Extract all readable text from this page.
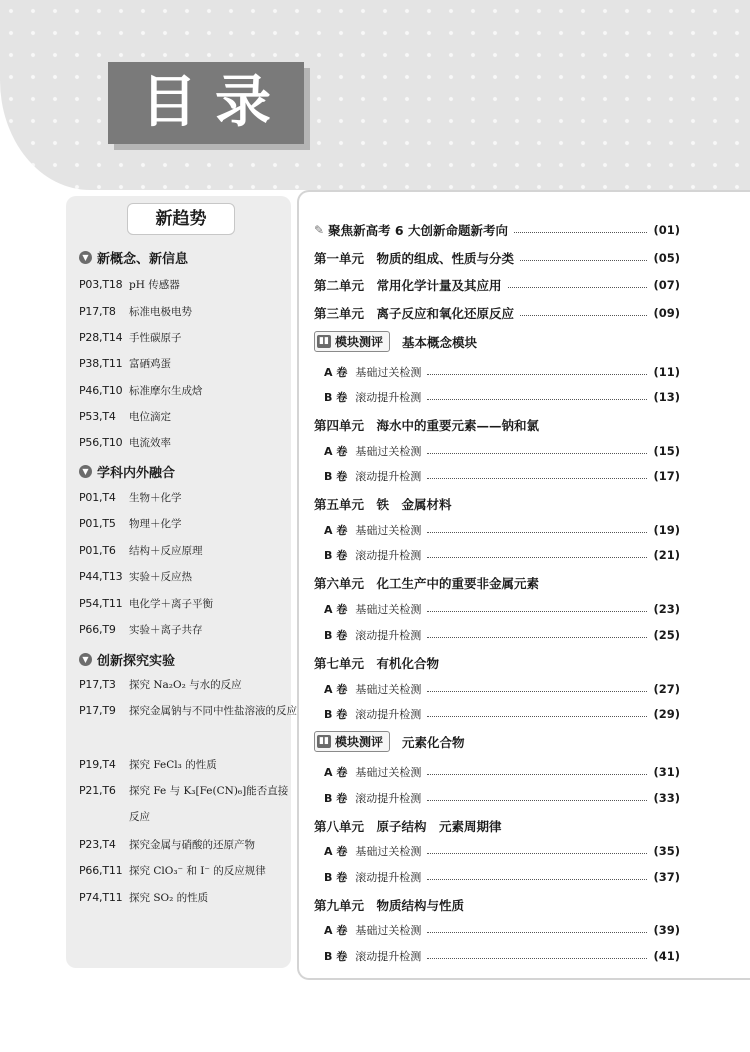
目录
新趋势
▼ 新概念、新信息
P03,T18 pH 传感器
P17,T8 标准电极电势
P28,T14 手性碳原子
P38,T11 富硒鸡蛋
P46,T10 标准摩尔生成焓
P53,T4 电位滴定
P56,T10 电流效率
▼ 学科内外融合
P01,T4 生物＋化学
P01,T5 物理＋化学
P01,T6 结构＋反应原理
P44,T13 实验＋反应热
P54,T11 电化学＋离子平衡
P66,T9 实验＋离子共存
▼ 创新探究实验
P17,T3 探究 Na₂O₂ 与水的反应
P17,T9 探究金属钠与不同中性盐溶液的反应
P19,T4 探究 FeCl₃ 的性质
P21,T6 探究 Fe 与 K₃[Fe(CN)₆]能否直接反应
P23,T4 探究金属与硝酸的还原产物
P66,T11 探究 ClO₃⁻ 和 I⁻ 的反应规律
P74,T11 探究 SO₂ 的性质
✎ 聚焦新高考 6 大创新命题新考向	(01)
第一单元　物质的组成、性质与分类	(05)
第二单元　常用化学计量及其应用	(07)
第三单元　离子反应和氧化还原反应	(09)
▮▮ 模块测评 基本概念模块
A 卷 基础过关检测	(11)
B 卷 滚动提升检测	(13)
第四单元　海水中的重要元素——钠和氯
A 卷 基础过关检测	(15)
B 卷 滚动提升检测	(17)
第五单元　铁　金属材料
A 卷 基础过关检测	(19)
B 卷 滚动提升检测	(21)
第六单元　化工生产中的重要非金属元素
A 卷 基础过关检测	(23)
B 卷 滚动提升检测	(25)
第七单元　有机化合物
A 卷 基础过关检测	(27)
B 卷 滚动提升检测	(29)
▮▮ 模块测评 元素化合物
A 卷 基础过关检测	(31)
B 卷 滚动提升检测	(33)
第八单元　原子结构　元素周期律
A 卷 基础过关检测	(35)
B 卷 滚动提升检测	(37)
第九单元　物质结构与性质
A 卷 基础过关检测	(39)
B 卷 滚动提升检测	(41)
